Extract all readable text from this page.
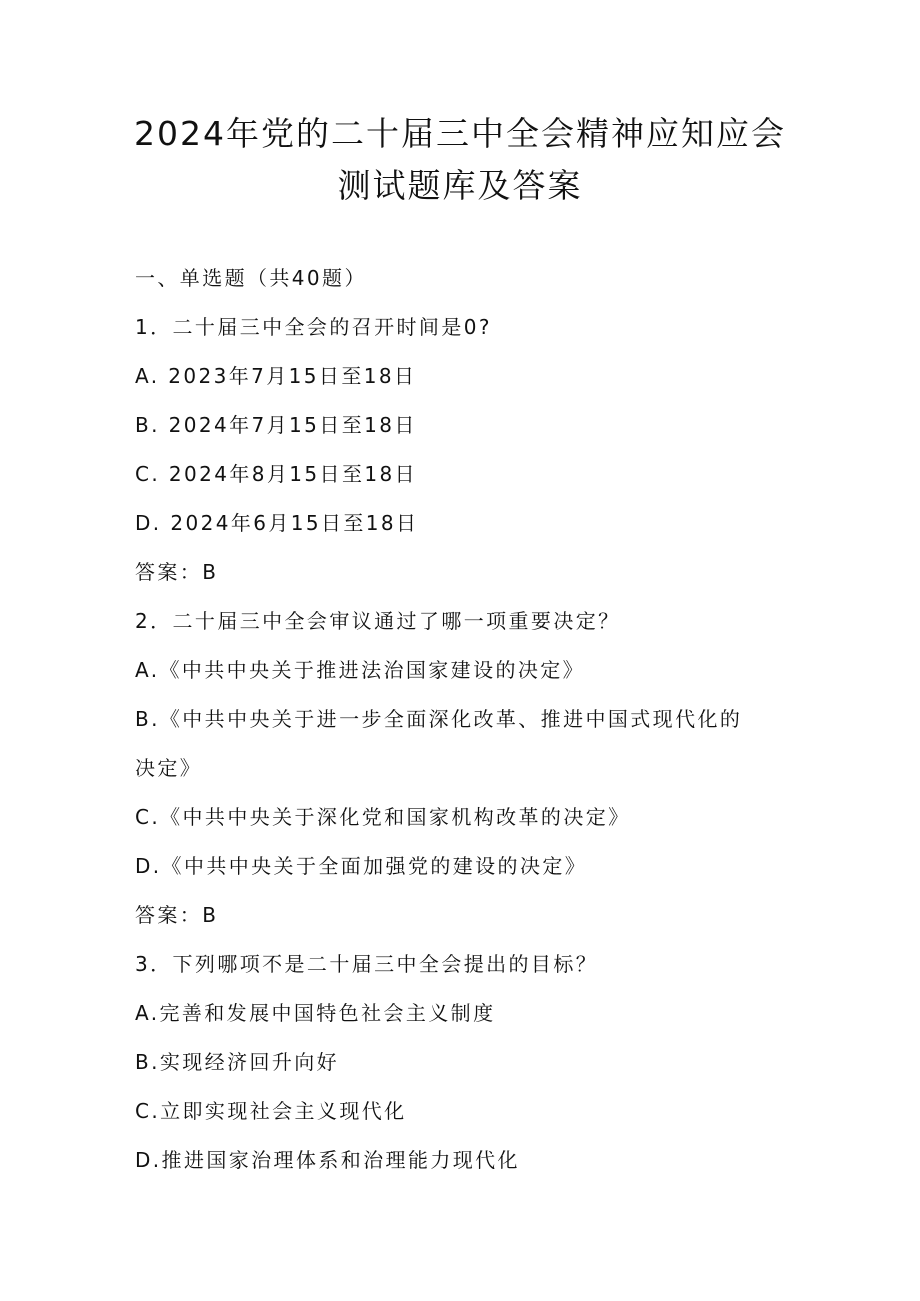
2024年党的二十届三中全会精神应知应会
测试题库及答案
一、单选题（共40题）
1．二十届三中全会的召开时间是0?
A. 2023年7月15日至18日
B. 2024年7月15日至18日
C. 2024年8月15日至18日
D. 2024年6月15日至18日
答案：B
2．二十届三中全会审议通过了哪一项重要决定？
A.《中共中央关于推进法治国家建设的决定》
B.《中共中央关于进一步全面深化改革、推进中国式现代化的
决定》
C.《中共中央关于深化党和国家机构改革的决定》
D.《中共中央关于全面加强党的建设的决定》
答案：B
3．下列哪项不是二十届三中全会提出的目标？
A.完善和发展中国特色社会主义制度
B.实现经济回升向好
C.立即实现社会主义现代化
D.推进国家治理体系和治理能力现代化
